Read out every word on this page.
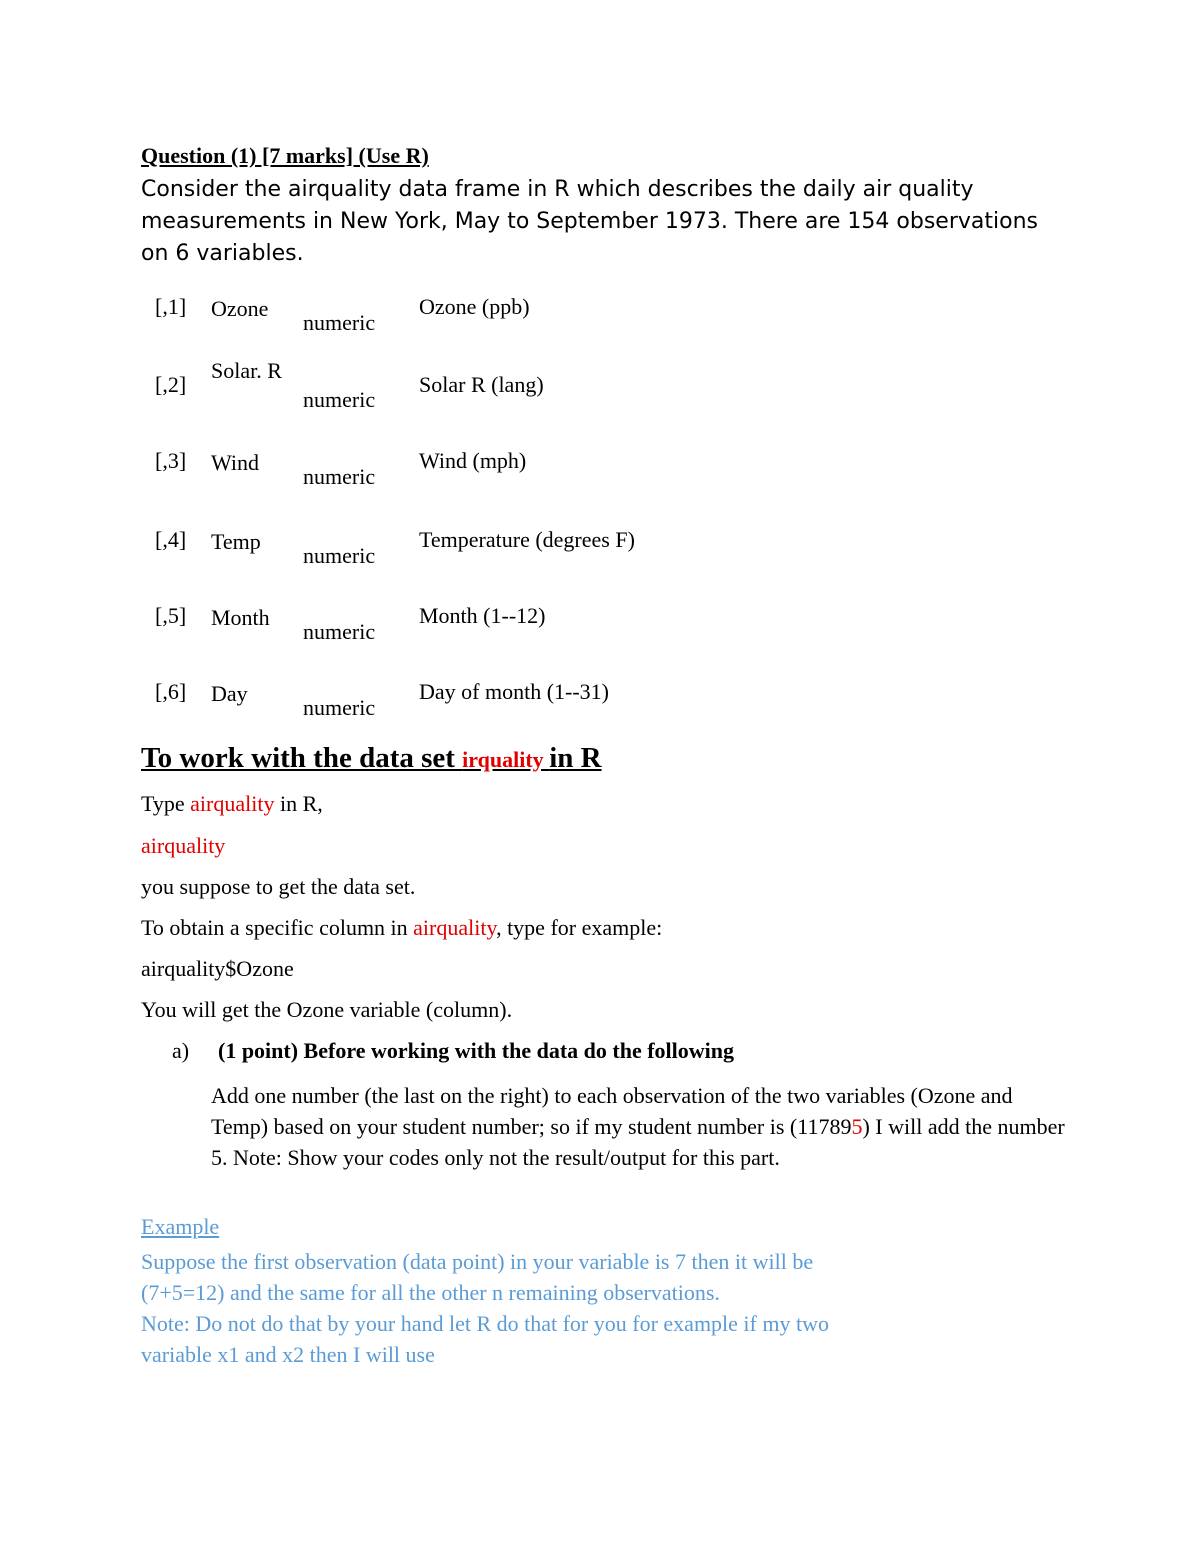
Question (1) [7 marks] (Use R)
Consider the airquality data frame in R which describes the daily air quality measurements in New York, May to September 1973. There are 154 observations on 6 variables.
[,1] Ozone
numeric
Ozone (ppb)
[,2]
Solar. R
numeric
Solar R (lang)
[,3] Wind
numeric
Wind (mph)
[,4] Temp
numeric
Temperature (degrees F)
[,5] Month
numeric
Month (1--12)
[,6] Day
numeric
Day of month (1--31)
To work with the data set irquality in R
Type airquality in R,
airquality
you suppose to get the data set.
To obtain a specific column in airquality, type for example:
airquality$Ozone
You will get the Ozone variable (column).
a) (1 point) Before working with the data do the following
Add one number (the last on the right) to each observation of the two variables (Ozone and Temp) based on your student number; so if my student number is (117895) I will add the number 5. Note: Show your codes only not the result/output for this part.
Example
Suppose the first observation (data point) in your variable is 7 then it will be
(7+5=12) and the same for all the other n remaining observations.
Note: Do not do that by your hand let R do that for you for example if my two
variable x1 and x2 then I will use
